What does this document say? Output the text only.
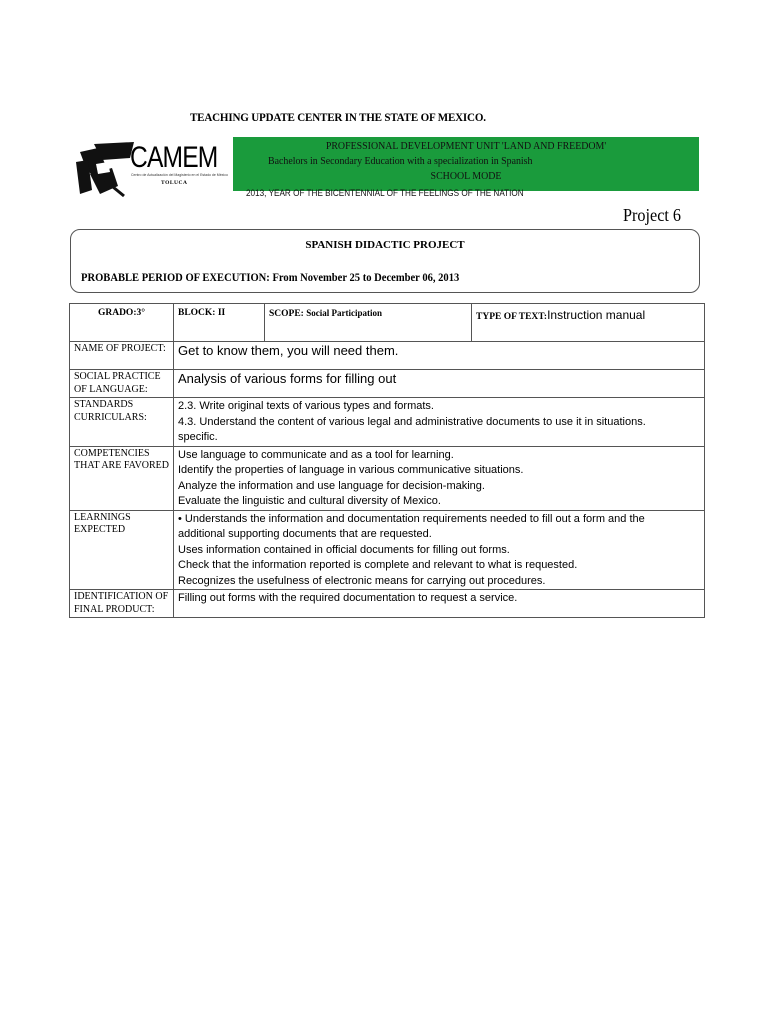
TEACHING UPDATE CENTER IN THE STATE OF MEXICO.
CAMEM
Centro de Actualización del Magisterio en el Estado de México
TOLUCA
PROFESSIONAL DEVELOPMENT UNIT 'LAND AND FREEDOM'
Bachelors in Secondary Education with a specialization in Spanish
SCHOOL MODE
2013, YEAR OF THE BICENTENNIAL OF THE FEELINGS OF THE NATION
Project 6
SPANISH DIDACTIC PROJECT
PROBABLE PERIOD OF EXECUTION: From November 25 to December 06, 2013
GRADO:3°	BLOCK: II	SCOPE: Social Participation	TYPE OF TEXT:Instruction manual
NAME OF PROJECT:	Get to know them, you will need them.		

SOCIAL PRACTICE OF LANGUAGE:	Analysis of various forms for filling out		

STANDARDS CURRICULARS:	2.3. Write original texts of various types and formats.
4.3. Understand the content of various legal and administrative documents to use it in situations.
specific.		

COMPETENCIES THAT ARE FAVORED	Use language to communicate and as a tool for learning.
Identify the properties of language in various communicative situations.
Analyze the information and use language for decision-making.
Evaluate the linguistic and cultural diversity of Mexico.		

LEARNINGS EXPECTED	• Understands the information and documentation requirements needed to fill out a form and the
additional supporting documents that are requested.
Uses information contained in official documents for filling out forms.
Check that the information reported is complete and relevant to what is requested.
Recognizes the usefulness of electronic means for carrying out procedures.		

IDENTIFICATION OF FINAL PRODUCT:	Filling out forms with the required documentation to request a service.		
